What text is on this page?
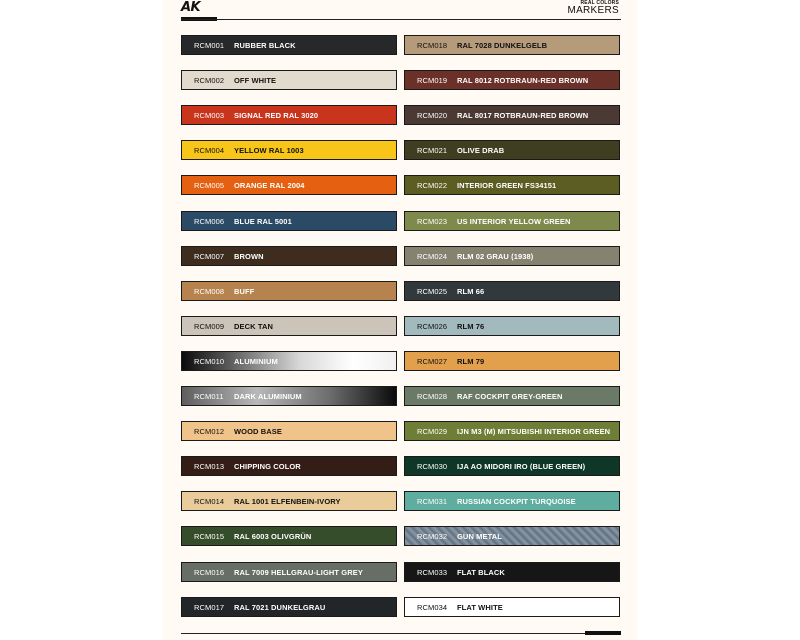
AK	REAL COLORS
MARKERS
RCM001	RUBBER BLACK
RCM002	OFF WHITE
RCM003	SIGNAL RED RAL 3020
RCM004	YELLOW RAL 1003
RCM005	ORANGE RAL 2004
RCM006	BLUE RAL 5001
RCM007	BROWN
RCM008	BUFF
RCM009	DECK TAN
RCM010	ALUMINIUM
RCM011	DARK ALUMINIUM
RCM012	WOOD BASE
RCM013	CHIPPING COLOR
RCM014	RAL 1001 ELFENBEIN-IVORY
RCM015	RAL 6003 OLIVGRÜN
RCM016	RAL 7009 HELLGRAU-LIGHT GREY
RCM017	RAL 7021 DUNKELGRAU
RCM018	RAL 7028 DUNKELGELB
RCM019	RAL 8012 ROTBRAUN-RED BROWN
RCM020	RAL 8017 ROTBRAUN-RED BROWN
RCM021	OLIVE DRAB
RCM022	INTERIOR GREEN FS34151
RCM023	US INTERIOR YELLOW GREEN
RCM024	RLM 02 GRAU (1938)
RCM025	RLM 66
RCM026	RLM 76
RCM027	RLM 79
RCM028	RAF COCKPIT GREY-GREEN
RCM029	IJN M3 (M) MITSUBISHI INTERIOR GREEN
RCM030	IJA AO MIDORI IRO (BLUE GREEN)
RCM031	RUSSIAN COCKPIT TURQUOISE
RCM032	GUN METAL
RCM033	FLAT BLACK
RCM034	FLAT WHITE
